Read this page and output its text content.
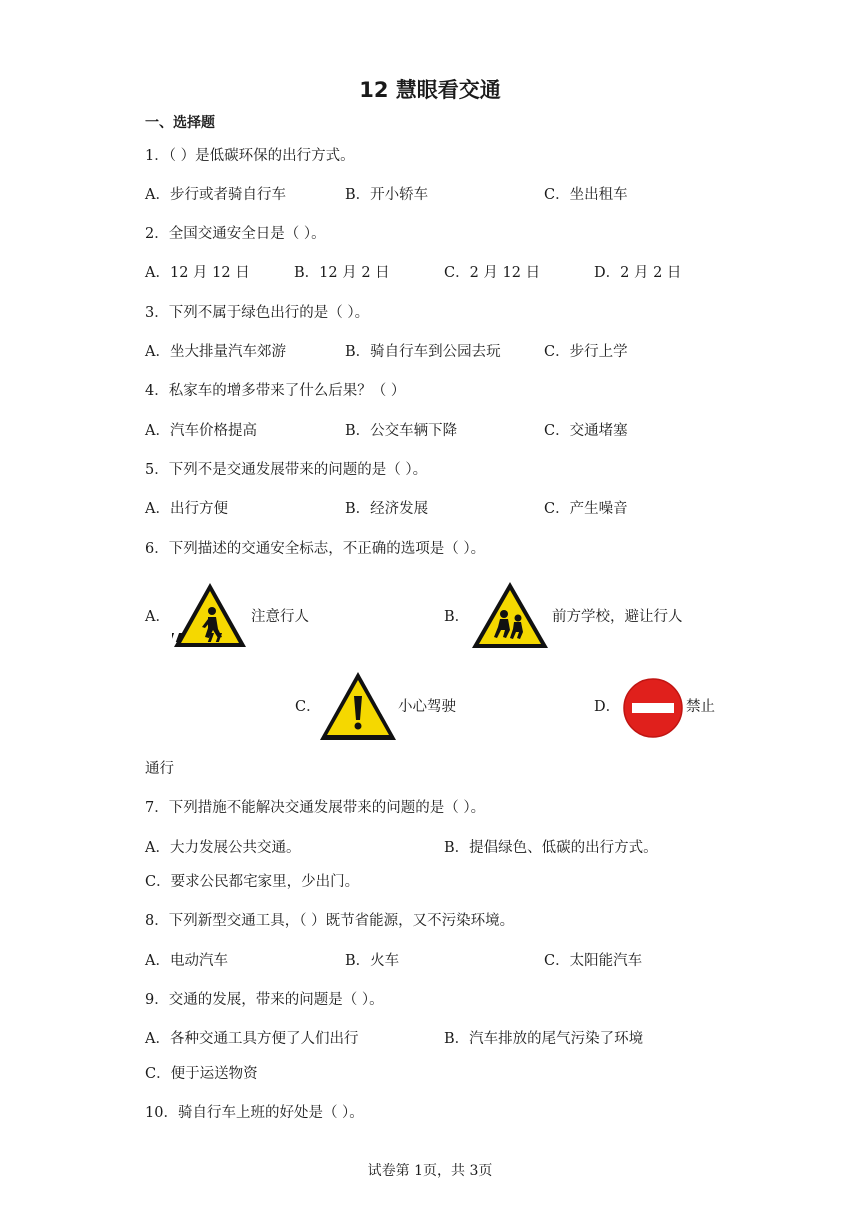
12 慧眼看交通
一、选择题
1．（ ）是低碳环保的出行方式。
A．步行或者骑自行车	B．开小轿车	C．坐出租车
2．全国交通安全日是（ ）。
A．12 月 12 日	B．12 月 2 日	C．2 月 12 日	D．2 月 2 日
3．下列不属于绿色出行的是（ ）。
A．坐大排量汽车郊游	B．骑自行车到公园去玩	C．步行上学
4．私家车的增多带来了什么后果？（ ）
A．汽车价格提高	B．公交车辆下降	C．交通堵塞
5．下列不是交通发展带来的问题的是（ ）。
A．出行方便	B．经济发展	C．产生噪音
6．下列描述的交通安全标志，不正确的选项是（ ）。
A．	注意行人	B．	前方学校，避让行人
C．	小心驾驶	D．	禁止
通行
7．下列措施不能解决交通发展带来的问题的是（ ）。
A．大力发展公共交通。	B．提倡绿色、低碳的出行方式。
C．要求公民都宅家里，少出门。
8．下列新型交通工具，（ ）既节省能源，又不污染环境。
A．电动汽车	B．火车	C．太阳能汽车
9．交通的发展，带来的问题是（ ）。
A．各种交通工具方便了人们出行	B．汽车排放的尾气污染了环境
C．便于运送物资
10．骑自行车上班的好处是（ ）。
试卷第 1页，共 3页
